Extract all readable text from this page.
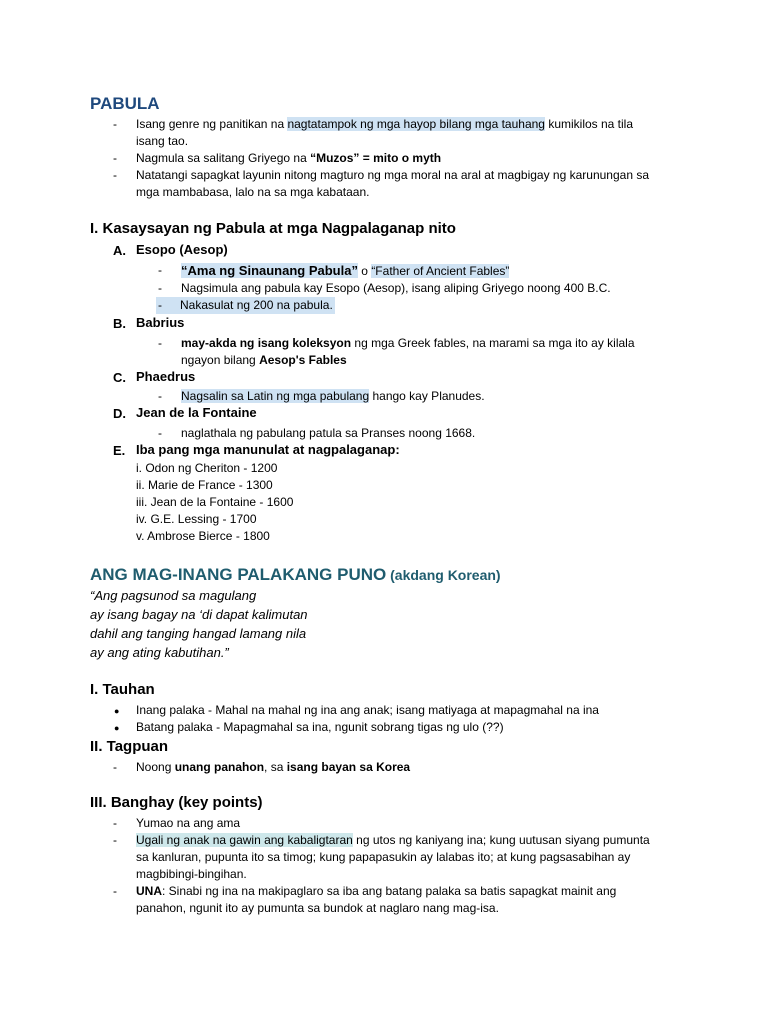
PABULA
- Isang genre ng panitikan na nagtatampok ng mga hayop bilang mga tauhang kumikilos na tila
isang tao.
- Nagmula sa salitang Griyego na “Muzos” = mito o myth
- Natatangi sapagkat layunin nitong magturo ng mga moral na aral at magbigay ng karunungan sa
mga mambabasa, lalo na sa mga kabataan.
I. Kasaysayan ng Pabula at mga Nagpalaganap nito
A. Esopo (Aesop)
- “Ama ng Sinaunang Pabula” o “Father of Ancient Fables”
- Nagsimula ang pabula kay Esopo (Aesop), isang aliping Griyego noong 400 B.C.
- Nakasulat ng 200 na pabula.
B. Babrius
- may-akda ng isang koleksyon ng mga Greek fables, na marami sa mga ito ay kilala
ngayon bilang Aesop's Fables
C. Phaedrus
- Nagsalin sa Latin ng mga pabulang hango kay Planudes.
D. Jean de la Fontaine
- naglathala ng pabulang patula sa Pranses noong 1668.
E. Iba pang mga manunulat at nagpalaganap:
i. Odon ng Cheriton - 1200
ii. Marie de France - 1300
iii. Jean de la Fontaine - 1600
iv. G.E. Lessing - 1700
v. Ambrose Bierce - 1800
ANG MAG-INANG PALAKANG PUNO (akdang Korean)
“Ang pagsunod sa magulang
ay isang bagay na ‘di dapat kalimutan
dahil ang tanging hangad lamang nila
ay ang ating kabutihan.”
I. Tauhan
● Inang palaka - Mahal na mahal ng ina ang anak; isang matiyaga at mapagmahal na ina
● Batang palaka - Mapagmahal sa ina, ngunit sobrang tigas ng ulo (??)
II. Tagpuan
- Noong unang panahon, sa isang bayan sa Korea
III. Banghay (key points)
- Yumao na ang ama
- Ugali ng anak na gawin ang kabaligtaran ng utos ng kaniyang ina; kung uutusan siyang pumunta
sa kanluran, pupunta ito sa timog; kung papapasukin ay lalabas ito; at kung pagsasabihan ay
magbibingi-bingihan.
- UNA: Sinabi ng ina na makipaglaro sa iba ang batang palaka sa batis sapagkat mainit ang
panahon, ngunit ito ay pumunta sa bundok at naglaro nang mag-isa.
